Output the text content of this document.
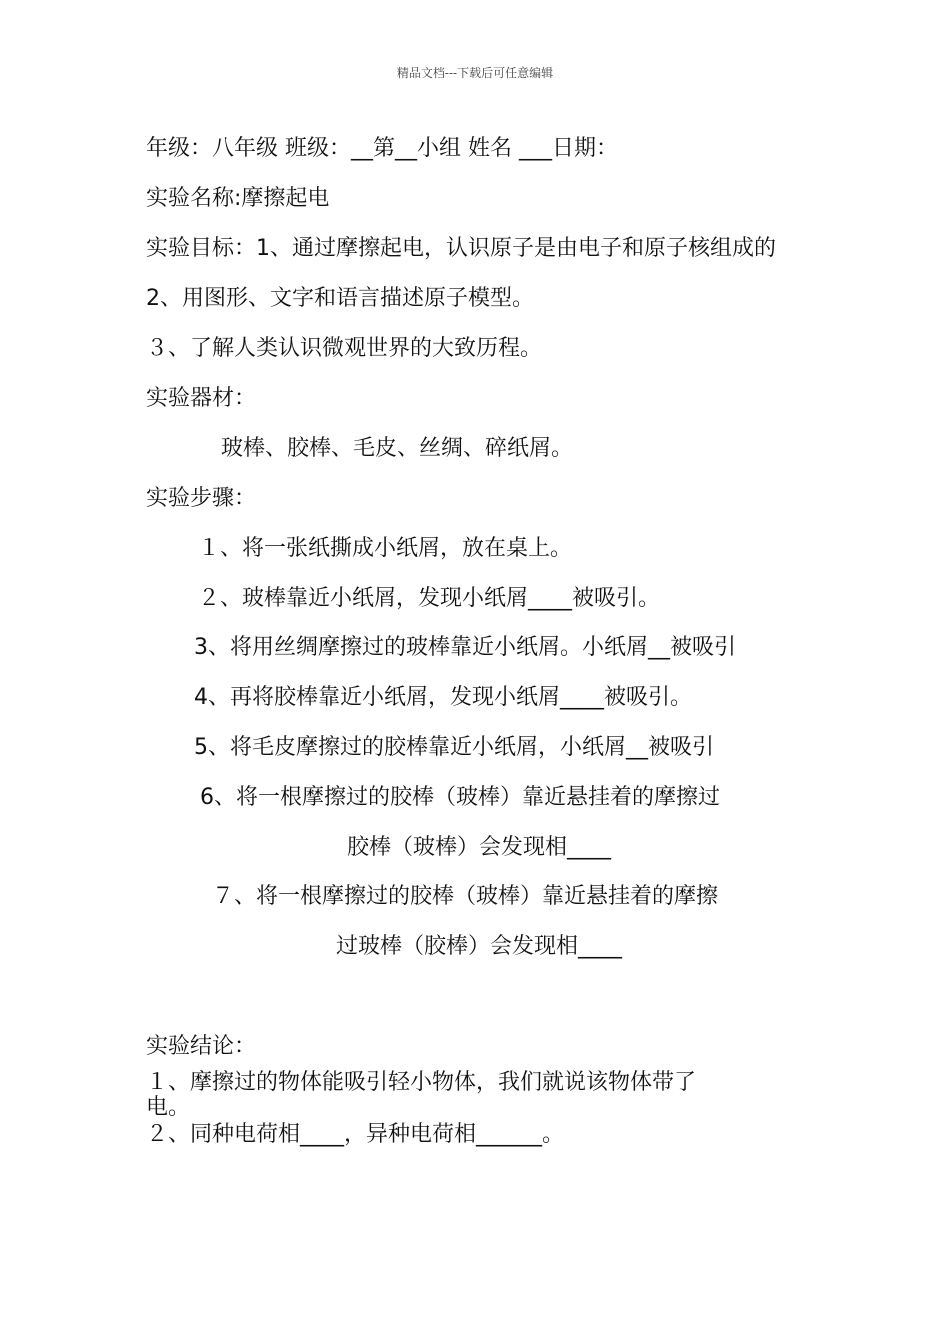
精品文档---下载后可任意编辑
年级：八年级 班级：__第__小组 姓名 ___日期：
实验名称:摩擦起电
实验目标：1、通过摩擦起电，认识原子是由电子和原子核组成的
2、用图形、文字和语言描述原子模型。
３、了解人类认识微观世界的大致历程。
实验器材：
玻棒、胶棒、毛皮、丝绸、碎纸屑。
实验步骤：
１、将一张纸撕成小纸屑，放在桌上。
２、玻棒靠近小纸屑，发现小纸屑____被吸引。
3、将用丝绸摩擦过的玻棒靠近小纸屑。小纸屑__被吸引
4、再将胶棒靠近小纸屑，发现小纸屑____被吸引。
5、将毛皮摩擦过的胶棒靠近小纸屑，小纸屑__被吸引
6、将一根摩擦过的胶棒（玻棒）靠近悬挂着的摩擦过
胶棒（玻棒）会发现相____
７、将一根摩擦过的胶棒（玻棒）靠近悬挂着的摩擦
过玻棒（胶棒）会发现相____
实验结论：
１、摩擦过的物体能吸引轻小物体，我们就说该物体带了
电。
２、同种电荷相____，异种电荷相______。
